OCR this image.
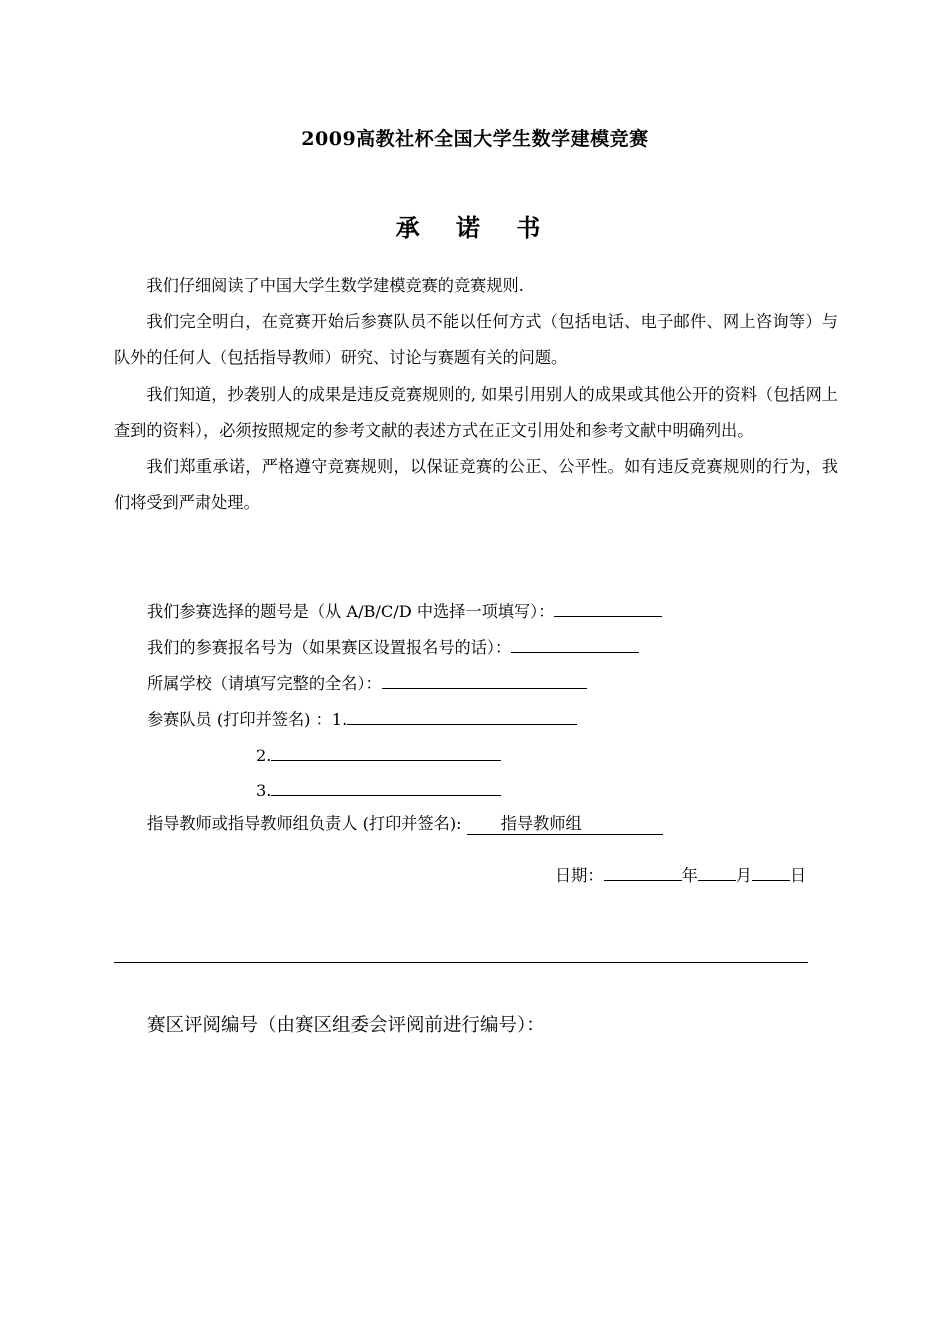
2009高教社杯全国大学生数学建模竞赛
承 诺 书

我们仔细阅读了中国大学生数学建模竞赛的竞赛规则.

我们完全明白，在竞赛开始后参赛队员不能以任何方式（包括电话、电子邮件、网上咨询等）与队外的任何人（包括指导教师）研究、讨论与赛题有关的问题。

我们知道，抄袭别人的成果是违反竞赛规则的, 如果引用别人的成果或其他公开的资料（包括网上查到的资料），必须按照规定的参考文献的表述方式在正文引用处和参考文献中明确列出。

我们郑重承诺，严格遵守竞赛规则，以保证竞赛的公正、公平性。如有违反竞赛规则的行为，我们将受到严肃处理。

我们参赛选择的题号是（从 A/B/C/D 中选择一项填写）：
我们的参赛报名号为（如果赛区设置报名号的话）：
所属学校（请填写完整的全名）：
参赛队员 (打印并签名) ：1.
2.
3.
指导教师或指导教师组负责人 (打印并签名): 指导教师组
日期：	年 月 日
赛区评阅编号（由赛区组委会评阅前进行编号）：
